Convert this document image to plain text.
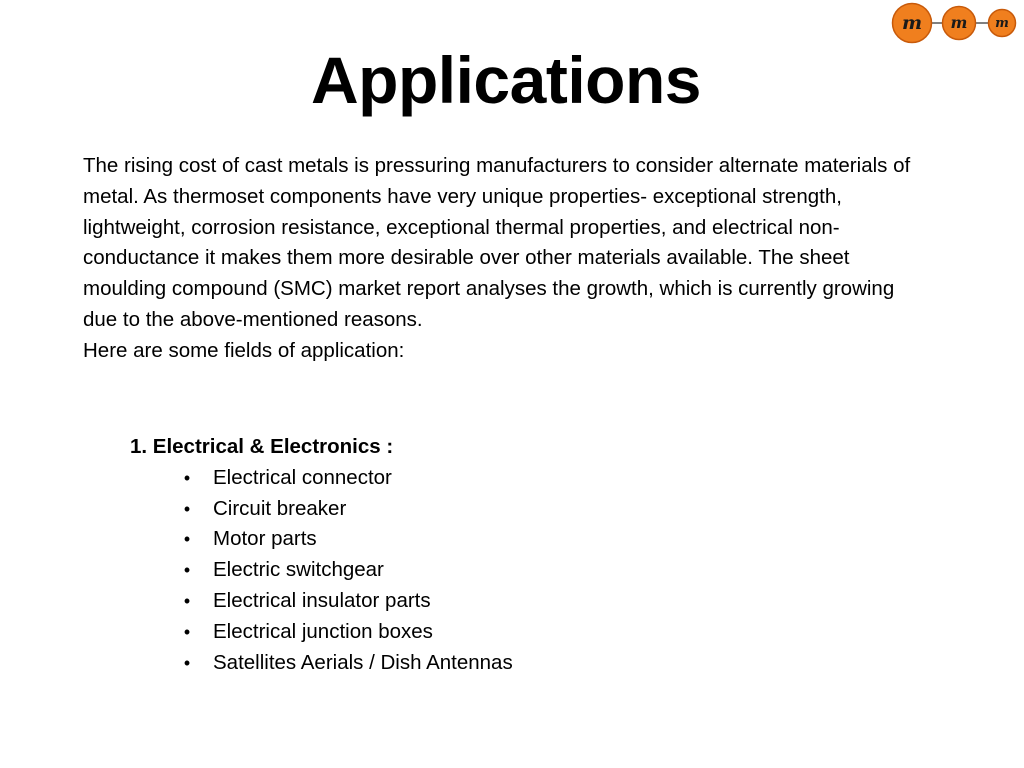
m m m
Applications

The rising cost of cast metals is pressuring manufacturers to consider alternate materials of metal. As thermoset components have very unique properties- exceptional strength, lightweight, corrosion resistance, exceptional thermal properties, and electrical non-conductance it makes them more desirable over other materials available. The sheet moulding compound (SMC) market report analyses the growth, which is currently growing due to the above-mentioned reasons.

Here are some fields of application:

1. Electrical & Electronics :

• Electrical connector
• Circuit breaker
• Motor parts
• Electric switchgear
• Electrical insulator parts
• Electrical junction boxes
• Satellites Aerials / Dish Antennas
